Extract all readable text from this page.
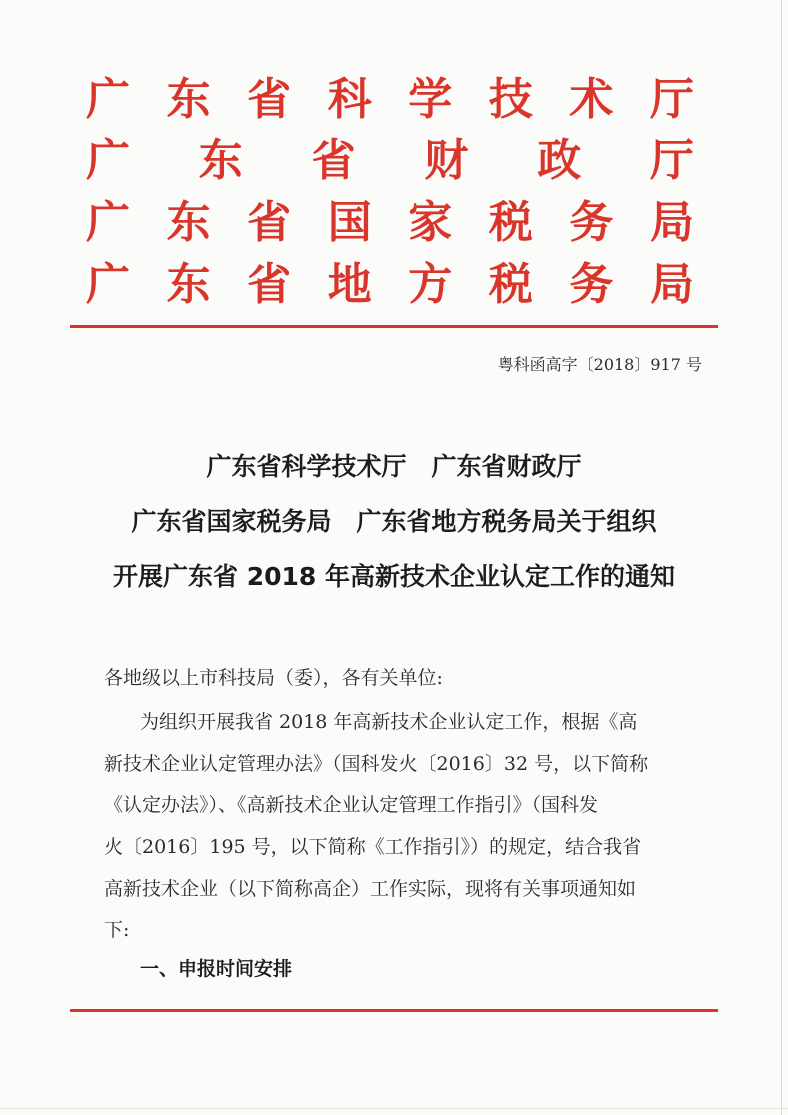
广 东 省 科 学 技 术 厅
广 东 省 财 政 厅
广 东 省 国 家 税 务 局
广 东 省 地 方 税 务 局
粤科函高字〔2018〕917 号
广东省科学技术厅　广东省财政厅
广东省国家税务局　广东省地方税务局关于组织
开展广东省 2018 年高新技术企业认定工作的通知
各地级以上市科技局（委），各有关单位:
为组织开展我省 2018 年高新技术企业认定工作，根据《高
新技术企业认定管理办法》（国科发火〔2016〕32 号，以下简称
《认定办法》）、《高新技术企业认定管理工作指引》（国科发
火〔2016〕195 号，以下简称《工作指引》）的规定，结合我省
高新技术企业（以下简称高企）工作实际，现将有关事项通知如
下:
一、申报时间安排
